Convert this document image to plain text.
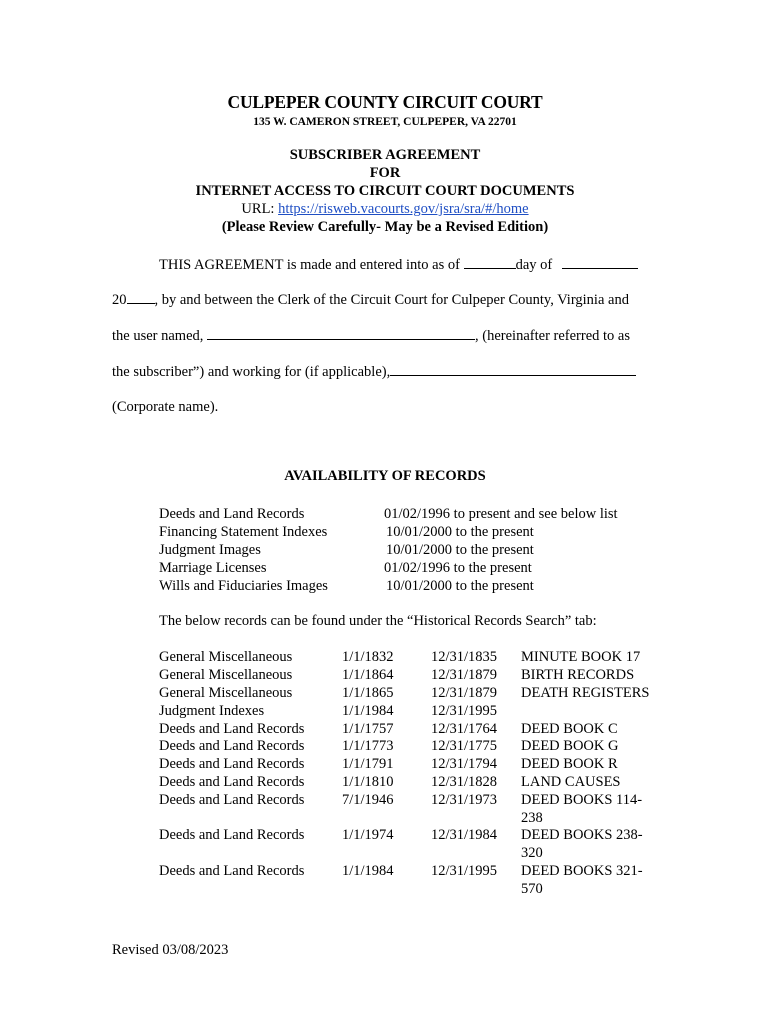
CULPEPER COUNTY CIRCUIT COURT
135 W. CAMERON STREET, CULPEPER, VA 22701
SUBSCRIBER AGREEMENT
FOR
INTERNET ACCESS TO CIRCUIT COURT DOCUMENTS
URL: https://risweb.vacourts.gov/jsra/sra/#/home
(Please Review Carefully- May be a Revised Edition)
THIS AGREEMENT is made and entered into as of	day of
20 , by and between the Clerk of the Circuit Court for Culpeper County, Virginia and
the user named,	, (hereinafter referred to as
the subscriber”) and working for (if applicable),
(Corporate name).
AVAILABILITY OF RECORDS
Deeds and Land Records	01/02/1996 to present and see below list
Financing Statement Indexes	10/01/2000 to the present
Judgment Images	10/01/2000 to the present
Marriage Licenses	01/02/1996 to the present
Wills and Fiduciaries Images	10/01/2000 to the present
The below records can be found under the “Historical Records Search” tab:
General Miscellaneous	1/1/1832	12/31/1835 MINUTE BOOK 17
General Miscellaneous	1/1/1864	12/31/1879 BIRTH RECORDS
General Miscellaneous	1/1/1865	12/31/1879 DEATH REGISTERS
Judgment Indexes	1/1/1984	12/31/1995
Deeds and Land Records	1/1/1757	12/31/1764 DEED BOOK C
Deeds and Land Records	1/1/1773	12/31/1775 DEED BOOK G
Deeds and Land Records	1/1/1791	12/31/1794 DEED BOOK R
Deeds and Land Records	1/1/1810	12/31/1828 LAND CAUSES
Deeds and Land Records	7/1/1946	12/31/1973 DEED BOOKS 114-
238
Deeds and Land Records	1/1/1974	12/31/1984 DEED BOOKS 238-
320
Deeds and Land Records	1/1/1984	12/31/1995 DEED BOOKS 321-
570
Revised 03/08/2023
